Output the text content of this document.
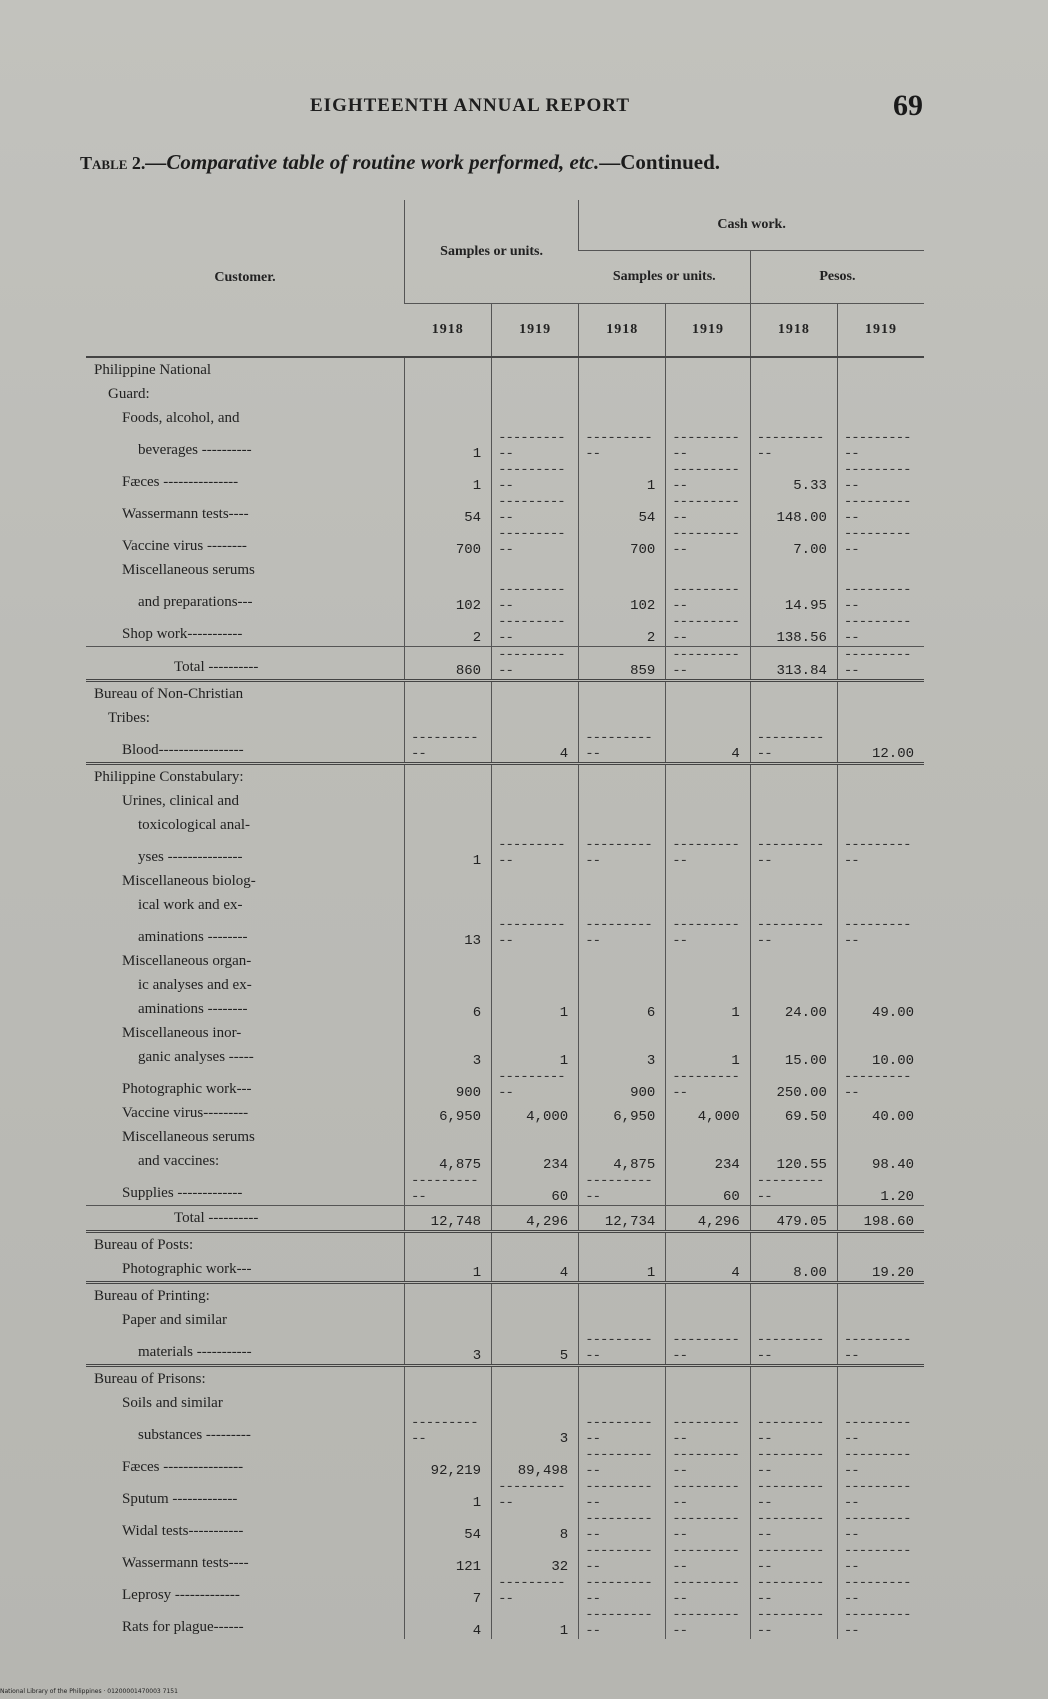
EIGHTEENTH ANNUAL REPORT	69
Table 2.—Comparative table of routine work performed, etc.—Continued.
Customer.	Samples or units.		Cash work.			
			Samples or units.		Pesos.	
	1918	1919	1918	1919	1918	1919
Philippine National						
Guard:						
Foods, alcohol, and						
beverages ----------	1	-----------	-----------	-----------	-----------	-----------
Fæces ---------------	1	-----------	1	-----------	5.33	-----------
Wassermann tests----	54	-----------	54	-----------	148.00	-----------
Vaccine virus --------	700	-----------	700	-----------	7.00	-----------
Miscellaneous serums						
and preparations---	102	-----------	102	-----------	14.95	-----------
Shop work-----------	2	-----------	2	-----------	138.56	-----------
Total ----------	860	-----------	859	-----------	313.84	-----------
Bureau of Non-Christian						
Tribes:						
Blood-----------------	-----------	4	-----------	4	-----------	12.00
Philippine Constabulary:						
Urines, clinical and						
toxicological anal-						
yses ---------------	1	-----------	-----------	-----------	-----------	-----------
Miscellaneous biolog-						
ical work and ex-						
aminations --------	13	-----------	-----------	-----------	-----------	-----------
Miscellaneous organ-						
ic analyses and ex-						
aminations --------	6	1	6	1	24.00	49.00
Miscellaneous inor-						
ganic analyses -----	3	1	3	1	15.00	10.00
Photographic work---	900	-----------	900	-----------	250.00	-----------
Vaccine virus---------	6,950	4,000	6,950	4,000	69.50	40.00
Miscellaneous serums						
and vaccines:	4,875	234	4,875	234	120.55	98.40
Supplies -------------	-----------	60	-----------	60	-----------	1.20
Total ----------	12,748	4,296	12,734	4,296	479.05	198.60
Bureau of Posts:						
Photographic work---	1	4	1	4	8.00	19.20
Bureau of Printing:						
Paper and similar						
materials -----------	3	5	-----------	-----------	-----------	-----------
Bureau of Prisons:						
Soils and similar						
substances ---------	-----------	3	-----------	-----------	-----------	-----------
Fæces ----------------	92,219	89,498	-----------	-----------	-----------	-----------
Sputum -------------	1	-----------	-----------	-----------	-----------	-----------
Widal tests-----------	54	8	-----------	-----------	-----------	-----------
Wassermann tests----	121	32	-----------	-----------	-----------	-----------
Leprosy -------------	7	-----------	-----------	-----------	-----------	-----------
Rats for plague------	4	1	-----------	-----------	-----------	-----------
National Library of the Philippines · 01200001470003 7151
